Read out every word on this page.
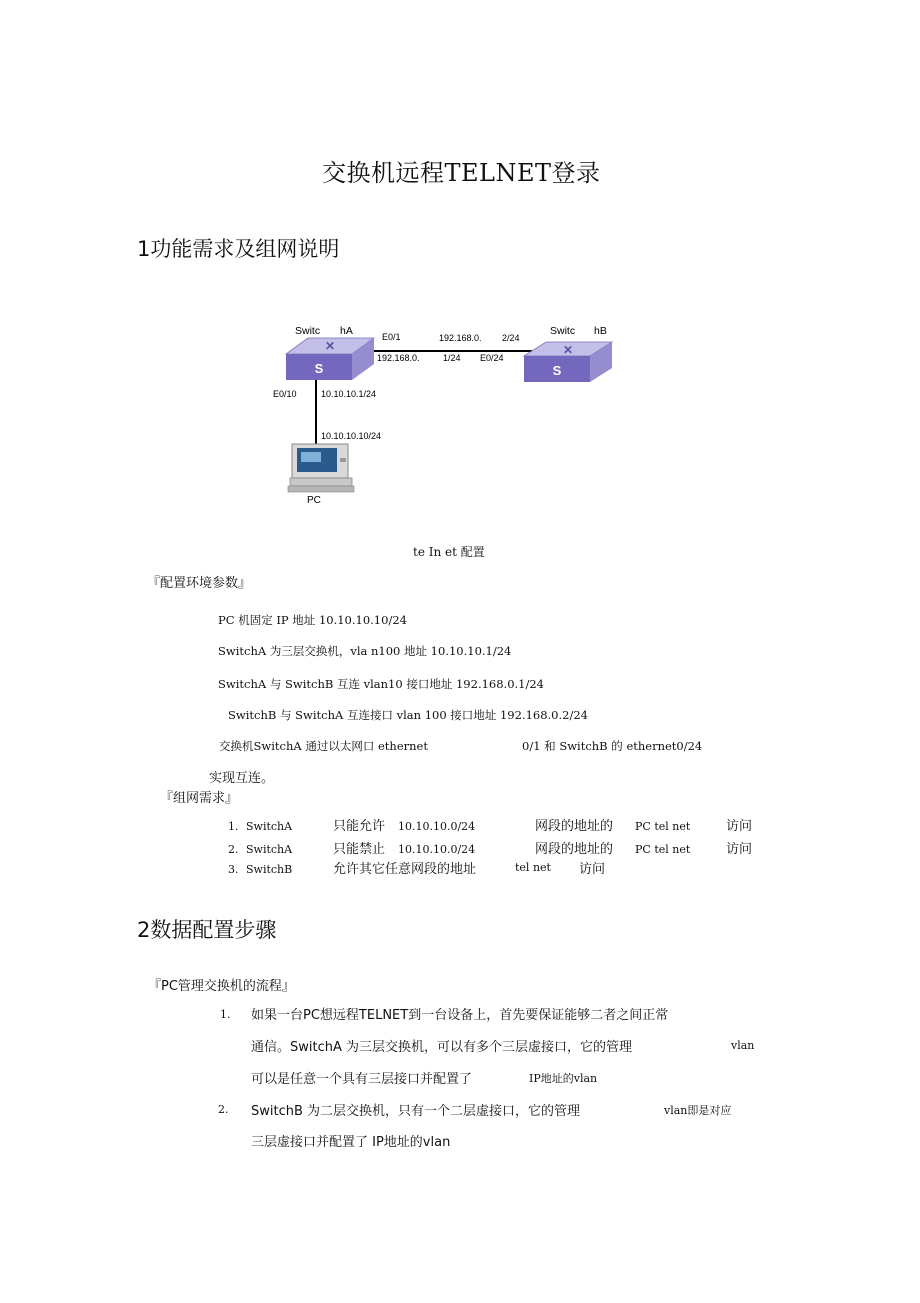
交换机远程TELNET登录
1功能需求及组网说明
✕
S
✕
S
Switc hA	Switc hB
E0/1	192.168.0. 2/24
192.168.0.	1/24 E0/24
E0/10	10.10.10.1/24
10.10.10.10/24
PC
te In et 配置
『配置环境参数』
PC 机固定 IP 地址 10.10.10.10/24
SwitchA 为三层交换机，vla n100 地址 10.10.10.1/24
SwitchA 与 SwitchB 互连 vlan10 接口地址 192.168.0.1/24
SwitchB 与 SwitchA 互连接口 vlan 100 接口地址 192.168.0.2/24
交换机SwitchA 通过以太网口 ethernet	0/1 和 SwitchB 的 ethernet0/24
实现互连。
『组网需求』
1. SwitchA	只能允许 10.10.10.0/24	网段的地址的 PC tel net	访问
2. SwitchA	只能禁止 10.10.10.0/24	网段的地址的 PC tel net	访问
3. SwitchB	允许其它任意网段的地址	tel net 访问
2数据配置步骤
『PC管理交换机的流程』
1. 如果一台PC想远程TELNET到一台设备上，首先要保证能够二者之间正常
通信。SwitchA 为三层交换机，可以有多个三层虚接口，它的管理	vlan
可以是任意一个具有三层接口并配置了	IP地址的vlan
2. SwitchB 为二层交换机，只有一个二层虚接口，它的管理	vlan即是对应
三层虚接口并配置了 IP地址的vlan
